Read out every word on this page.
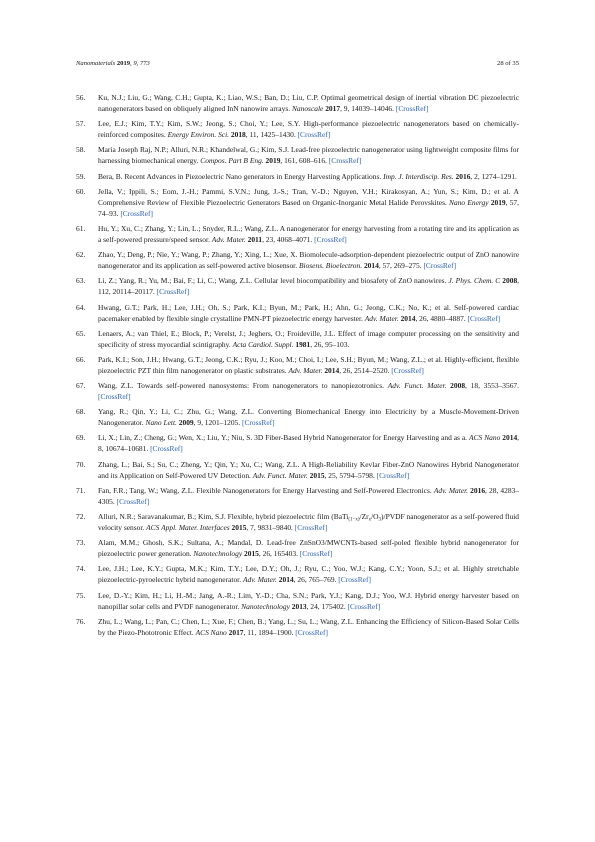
Nanomaterials 2019, 9, 773	28 of 35
56. Ku, N.J.; Liu, G.; Wang, C.H.; Gupta, K.; Liao, W.S.; Ban, D.; Liu, C.P. Optimal geometrical design of inertial vibration DC piezoelectric nanogenerators based on obliquely aligned InN nanowire arrays. Nanoscale 2017, 9, 14039–14046. [CrossRef]
57. Lee, E.J.; Kim, T.Y.; Kim, S.W.; Jeong, S.; Choi, Y.; Lee, S.Y. High-performance piezoelectric nanogenerators based on chemically-reinforced composites. Energy Environ. Sci. 2018, 11, 1425–1430. [CrossRef]
58. Maria Joseph Raj, N.P.; Alluri, N.R.; Khandelwal, G.; Kim, S.J. Lead-free piezoelectric nanogenerator using lightweight composite films for harnessing biomechanical energy. Compos. Part B Eng. 2019, 161, 608–616. [CrossRef]
59. Bera, B. Recent Advances in Piezoelectric Nano generators in Energy Harvesting Applications. Imp. J. Interdiscip. Res. 2016, 2, 1274–1291.
60. Jella, V.; Ippili, S.; Eom, J.-H.; Pammi, S.V.N.; Jung, J.-S.; Tran, V.-D.; Nguyen, V.H.; Kirakosyan, A.; Yun, S.; Kim, D.; et al. A Comprehensive Review of Flexible Piezoelectric Generators Based on Organic-Inorganic Metal Halide Perovskites. Nano Energy 2019, 57, 74–93. [CrossRef]
61. Hu, Y.; Xu, C.; Zhang, Y.; Lin, L.; Snyder, R.L.; Wang, Z.L. A nanogenerator for energy harvesting from a rotating tire and its application as a self-powered pressure/speed sensor. Adv. Mater. 2011, 23, 4068–4071. [CrossRef]
62. Zhao, Y.; Deng, P.; Nie, Y.; Wang, P.; Zhang, Y.; Xing, L.; Xue, X. Biomolecule-adsorption-dependent piezoelectric output of ZnO nanowire nanogenerator and its application as self-powered active biosensor. Biosens. Bioelectron. 2014, 57, 269–275. [CrossRef]
63. Li, Z.; Yang, R.; Yu, M.; Bai, F.; Li, C.; Wang, Z.L. Cellular level biocompatibility and biosafety of ZnO nanowires. J. Phys. Chem. C 2008, 112, 20114–20117. [CrossRef]
64. Hwang, G.T.; Park, H.; Lee, J.H.; Oh, S.; Park, K.I.; Byun, M.; Park, H.; Ahn, G.; Jeong, C.K.; No, K.; et al. Self-powered cardiac pacemaker enabled by flexible single crystalline PMN-PT piezoelectric energy harvester. Adv. Mater. 2014, 26, 4880–4887. [CrossRef]
65. Lenaers, A.; van Thiel, E.; Block, P.; Verelst, J.; Jeghers, O.; Froideville, J.L. Effect of image computer processing on the sensitivity and specificity of stress myocardial scintigraphy. Acta Cardiol. Suppl. 1981, 26, 95–103.
66. Park, K.I.; Son, J.H.; Hwang, G.T.; Jeong, C.K.; Ryu, J.; Koo, M.; Choi, I.; Lee, S.H.; Byun, M.; Wang, Z.L.; et al. Highly-efficient, flexible piezoelectric PZT thin film nanogenerator on plastic substrates. Adv. Mater. 2014, 26, 2514–2520. [CrossRef]
67. Wang, Z.L. Towards self-powered nanosystems: From nanogenerators to nanopiezotronics. Adv. Funct. Mater. 2008, 18, 3553–3567. [CrossRef]
68. Yang, R.; Qin, Y.; Li, C.; Zhu, G.; Wang, Z.L. Converting Biomechanical Energy into Electricity by a Muscle-Movement-Driven Nanogenerator. Nano Lett. 2009, 9, 1201–1205. [CrossRef]
69. Li, X.; Lin, Z.; Cheng, G.; Wen, X.; Liu, Y.; Niu, S. 3D Fiber-Based Hybrid Nanogenerator for Energy Harvesting and as a. ACS Nano 2014, 8, 10674–10681. [CrossRef]
70. Zhang, L.; Bai, S.; Su, C.; Zheng, Y.; Qin, Y.; Xu, C.; Wang, Z.L. A High-Reliability Kevlar Fiber-ZnO Nanowires Hybrid Nanogenerator and its Application on Self-Powered UV Detection. Adv. Funct. Mater. 2015, 25, 5794–5798. [CrossRef]
71. Fan, F.R.; Tang, W.; Wang, Z.L. Flexible Nanogenerators for Energy Harvesting and Self-Powered Electronics. Adv. Mater. 2016, 28, 4283–4305. [CrossRef]
72. Alluri, N.R.; Saravanakumar, B.; Kim, S.J. Flexible, hybrid piezoelectric film $(BaTi_{(1-x)}/Zr_x/O_3)$/PVDF nanogenerator as a self-powered fluid velocity sensor. ACS Appl. Mater. Interfaces 2015, 7, 9831–9840. [CrossRef]
73. Alam, M.M.; Ghosh, S.K.; Sultana, A.; Mandal, D. Lead-free ZnSnO3/MWCNTs-based self-poled flexible hybrid nanogenerator for piezoelectric power generation. Nanotechnology 2015, 26, 165403. [CrossRef]
74. Lee, J.H.; Lee, K.Y.; Gupta, M.K.; Kim, T.Y.; Lee, D.Y.; Oh, J.; Ryu, C.; Yoo, W.J.; Kang, C.Y.; Yoon, S.J.; et al. Highly stretchable piezoelectric-pyroelectric hybrid nanogenerator. Adv. Mater. 2014, 26, 765–769. [CrossRef]
75. Lee, D.-Y.; Kim, H.; Li, H.-M.; Jang, A.-R.; Lim, Y.-D.; Cha, S.N.; Park, Y.J.; Kang, D.J.; Yoo, W.J. Hybrid energy harvester based on nanopillar solar cells and PVDF nanogenerator. Nanotechnology 2013, 24, 175402. [CrossRef]
76. Zhu, L.; Wang, L.; Pan, C.; Chen, L.; Xue, F.; Chen, B.; Yang, L.; Su, L.; Wang, Z.L. Enhancing the Efficiency of Silicon-Based Solar Cells by the Piezo-Phototronic Effect. ACS Nano 2017, 11, 1894–1900. [CrossRef]
